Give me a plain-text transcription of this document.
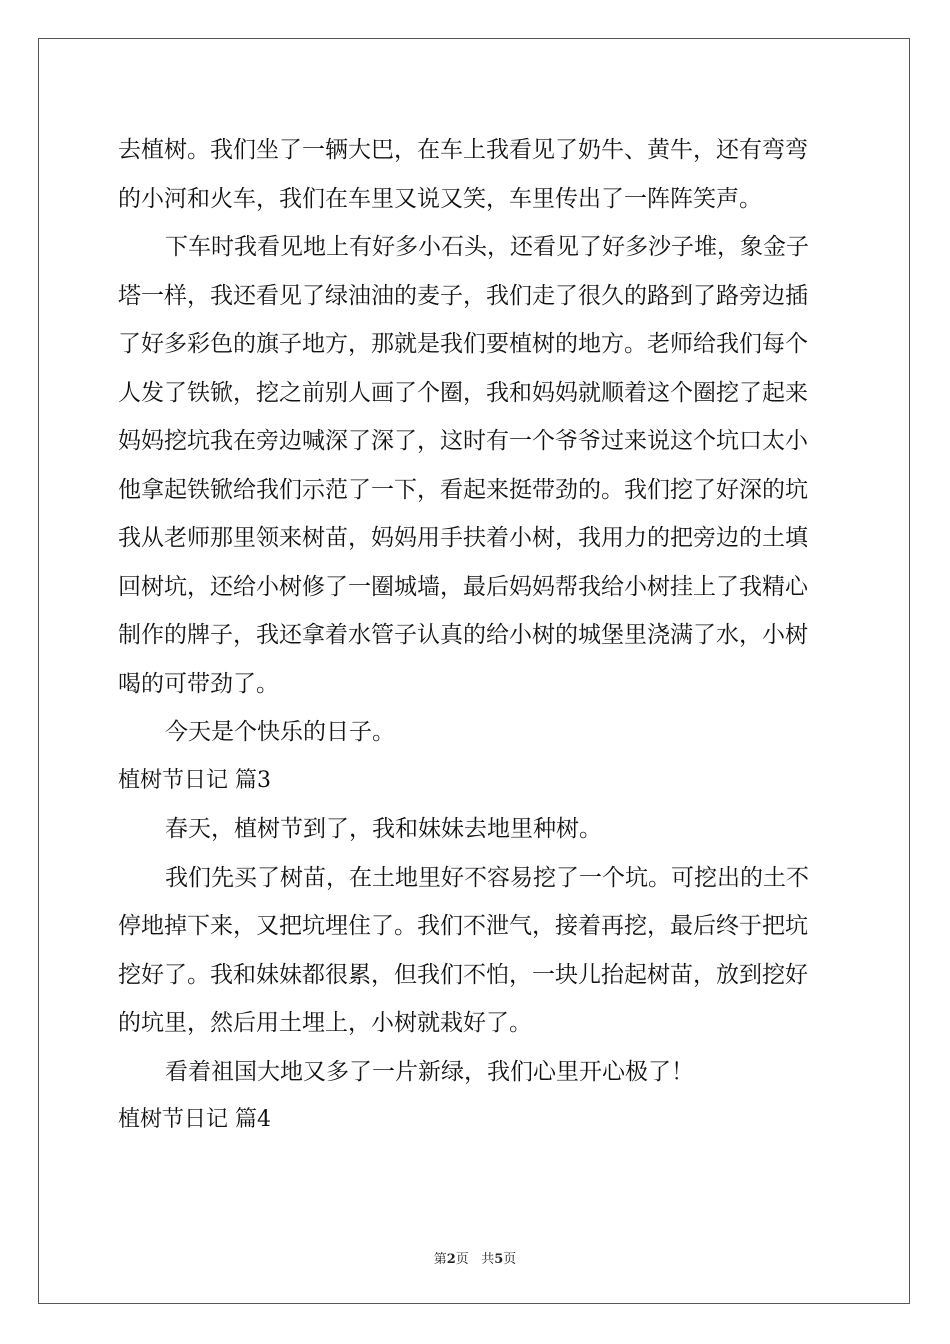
去植树。我们坐了一辆大巴，在车上我看见了奶牛、黄牛，还有弯弯
的小河和火车，我们在车里又说又笑，车里传出了一阵阵笑声。
下车时我看见地上有好多小石头，还看见了好多沙子堆，象金子
塔一样，我还看见了绿油油的麦子，我们走了很久的路到了路旁边插
了好多彩色的旗子地方，那就是我们要植树的地方。老师给我们每个
人发了铁锨，挖之前别人画了个圈，我和妈妈就顺着这个圈挖了起来
妈妈挖坑我在旁边喊深了深了，这时有一个爷爷过来说这个坑口太小
他拿起铁锨给我们示范了一下，看起来挺带劲的。我们挖了好深的坑
我从老师那里领来树苗，妈妈用手扶着小树，我用力的把旁边的土填
回树坑，还给小树修了一圈城墙，最后妈妈帮我给小树挂上了我精心
制作的牌子，我还拿着水管子认真的给小树的城堡里浇满了水，小树
喝的可带劲了。
今天是个快乐的日子。
植树节日记 篇3
春天，植树节到了，我和妹妹去地里种树。
我们先买了树苗，在土地里好不容易挖了一个坑。可挖出的土不
停地掉下来，又把坑埋住了。我们不泄气，接着再挖，最后终于把坑
挖好了。我和妹妹都很累，但我们不怕，一块儿抬起树苗，放到挖好
的坑里，然后用土埋上，小树就栽好了。
看着祖国大地又多了一片新绿，我们心里开心极了！
植树节日记 篇4
第2页 共5页
